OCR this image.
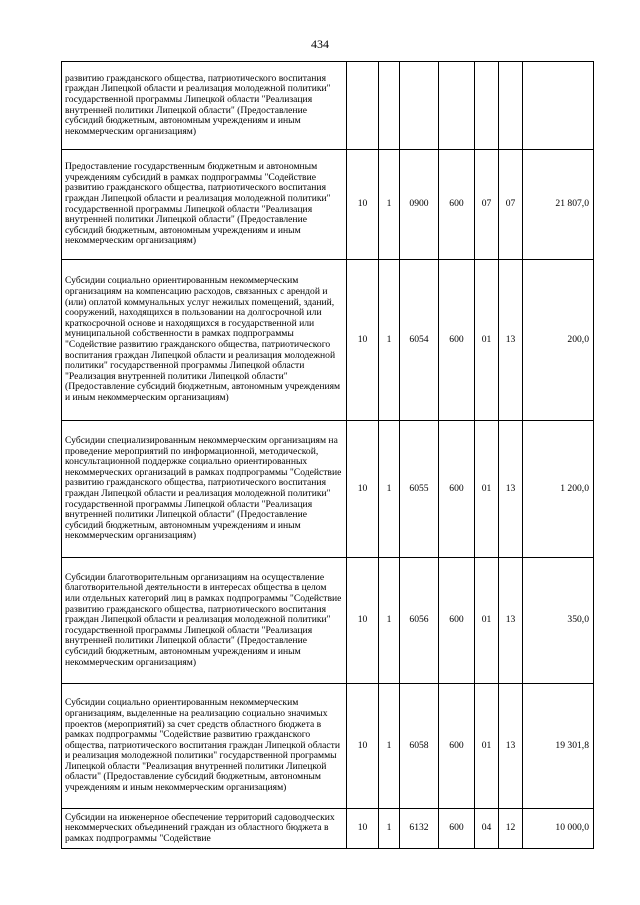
434
развитию гражданского общества, патриотического воспитания граждан Липецкой области и реализация молодежной политики" государственной программы Липецкой области "Реализация внутренней политики Липецкой области" (Предоставление субсидий бюджетным, автономным учреждениям и иным некоммерческим организациям)							
Предоставление государственным бюджетным и автономным учреждениям субсидий в рамках подпрограммы "Содействие развитию гражданского общества, патриотического воспитания граждан Липецкой области и реализация молодежной политики" государственной программы Липецкой области "Реализация внутренней политики Липецкой области" (Предоставление субсидий бюджетным, автономным учреждениям и иным некоммерческим организациям)	10	1	0900	600	07	07	21 807,0
Субсидии социально ориентированным некоммерческим организациям на компенсацию расходов, связанных с арендой и (или) оплатой коммунальных услуг нежилых помещений, зданий, сооружений, находящихся в пользовании на долгосрочной или краткосрочной основе и находящихся в государственной или муниципальной собственности в рамках подпрограммы "Содействие развитию гражданского общества, патриотического воспитания граждан Липецкой области и реализация молодежной политики" государственной программы Липецкой области "Реализация внутренней политики Липецкой области" (Предоставление субсидий бюджетным, автономным учреждениям и иным некоммерческим организациям)	10	1	6054	600	01	13	200,0
Субсидии специализированным некоммерческим организациям на проведение мероприятий по информационной, методической, консультационной поддержке социально ориентированных некоммерческих организаций в рамках подпрограммы "Содействие развитию гражданского общества, патриотического воспитания граждан Липецкой области и реализация молодежной политики" государственной программы Липецкой области "Реализация внутренней политики Липецкой области" (Предоставление субсидий бюджетным, автономным учреждениям и иным некоммерческим организациям)	10	1	6055	600	01	13	1 200,0
Субсидии благотворительным организациям на осуществление благотворительной деятельности в интересах общества в целом или отдельных категорий лиц в рамках подпрограммы "Содействие развитию гражданского общества, патриотического воспитания граждан Липецкой области и реализация молодежной политики" государственной программы Липецкой области "Реализация внутренней политики Липецкой области" (Предоставление субсидий бюджетным, автономным учреждениям и иным некоммерческим организациям)	10	1	6056	600	01	13	350,0
Субсидии социально ориентированным некоммерческим организациям, выделенные на реализацию социально значимых проектов (мероприятий) за счет средств областного бюджета в рамках подпрограммы "Содействие развитию гражданского общества, патриотического воспитания граждан Липецкой области и реализация молодежной политики" государственной программы Липецкой области "Реализация внутренней политики Липецкой области" (Предоставление субсидий бюджетным, автономным учреждениям и иным некоммерческим организациям)	10	1	6058	600	01	13	19 301,8
Субсидии на инженерное обеспечение территорий садоводческих некоммерческих объединений граждан из областного бюджета в рамках подпрограммы "Содействие	10	1	6132	600	04	12	10 000,0
